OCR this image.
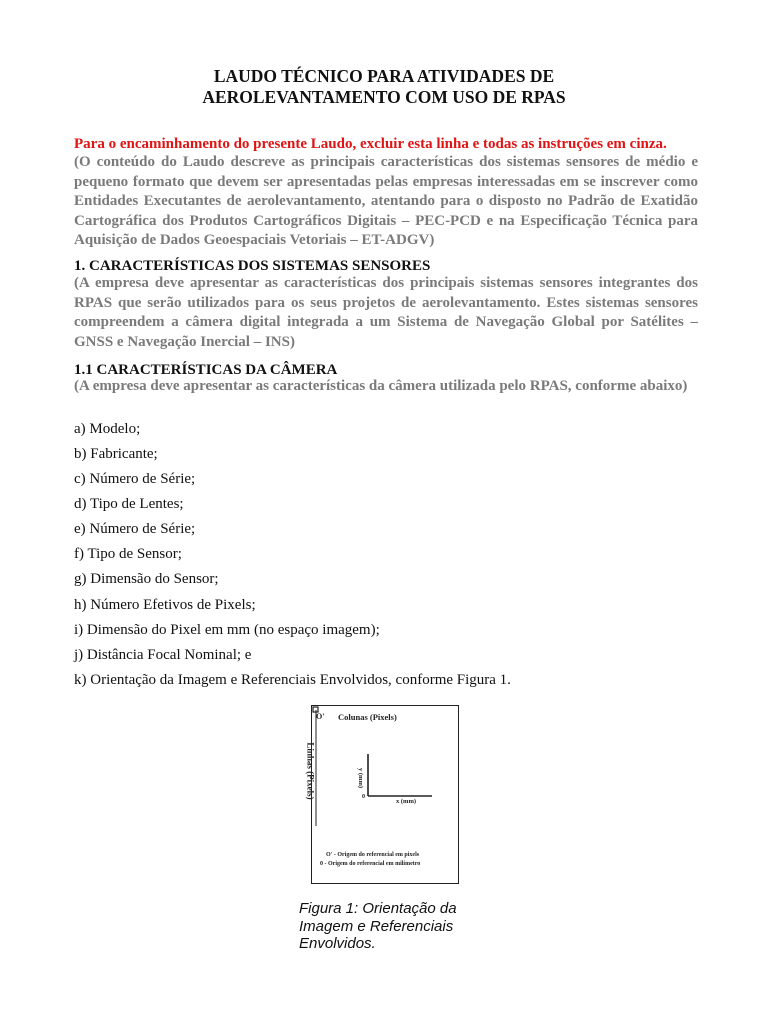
LAUDO TÉCNICO PARA ATIVIDADES DE
AEROLEVANTAMENTO COM USO DE RPAS
Para o encaminhamento do presente Laudo, excluir esta linha e todas as instruções em cinza.
(O conteúdo do Laudo descreve as principais características dos sistemas sensores de médio e pequeno formato que devem ser apresentadas pelas empresas interessadas em se inscrever como Entidades Executantes de aerolevantamento, atentando para o disposto no Padrão de Exatidão Cartográfica dos Produtos Cartográficos Digitais – PEC-PCD e na Especificação Técnica para Aquisição de Dados Geoespaciais Vetoriais – ET-ADGV)
1. CARACTERÍSTICAS DOS SISTEMAS SENSORES
(A empresa deve apresentar as características dos principais sistemas sensores integrantes dos RPAS que serão utilizados para os seus projetos de aerolevantamento. Estes sistemas sensores compreendem a câmera digital integrada a um Sistema de Navegação Global por Satélites – GNSS e Navegação Inercial – INS)
1.1 CARACTERÍSTICAS DA CÂMERA
(A empresa deve apresentar as características da câmera utilizada pelo RPAS, conforme abaixo)
a) Modelo;
b) Fabricante;
c) Número de Série;
d) Tipo de Lentes;
e) Número de Série;
f) Tipo de Sensor;
g) Dimensão do Sensor;
h) Número Efetivos de Pixels;
i) Dimensão do Pixel em mm (no espaço imagem);
j) Distância Focal Nominal; e
k) Orientação da Imagem e Referenciais Envolvidos, conforme Figura 1.
O' Colunas (Pixels)
Linhas (Pixels)	y (mm)
x (mm)
0
O' - Origem do referencial em pixels
0 - Origem do referencial em milímetro
Figura 1: Orientação da Imagem e Referenciais Envolvidos.
